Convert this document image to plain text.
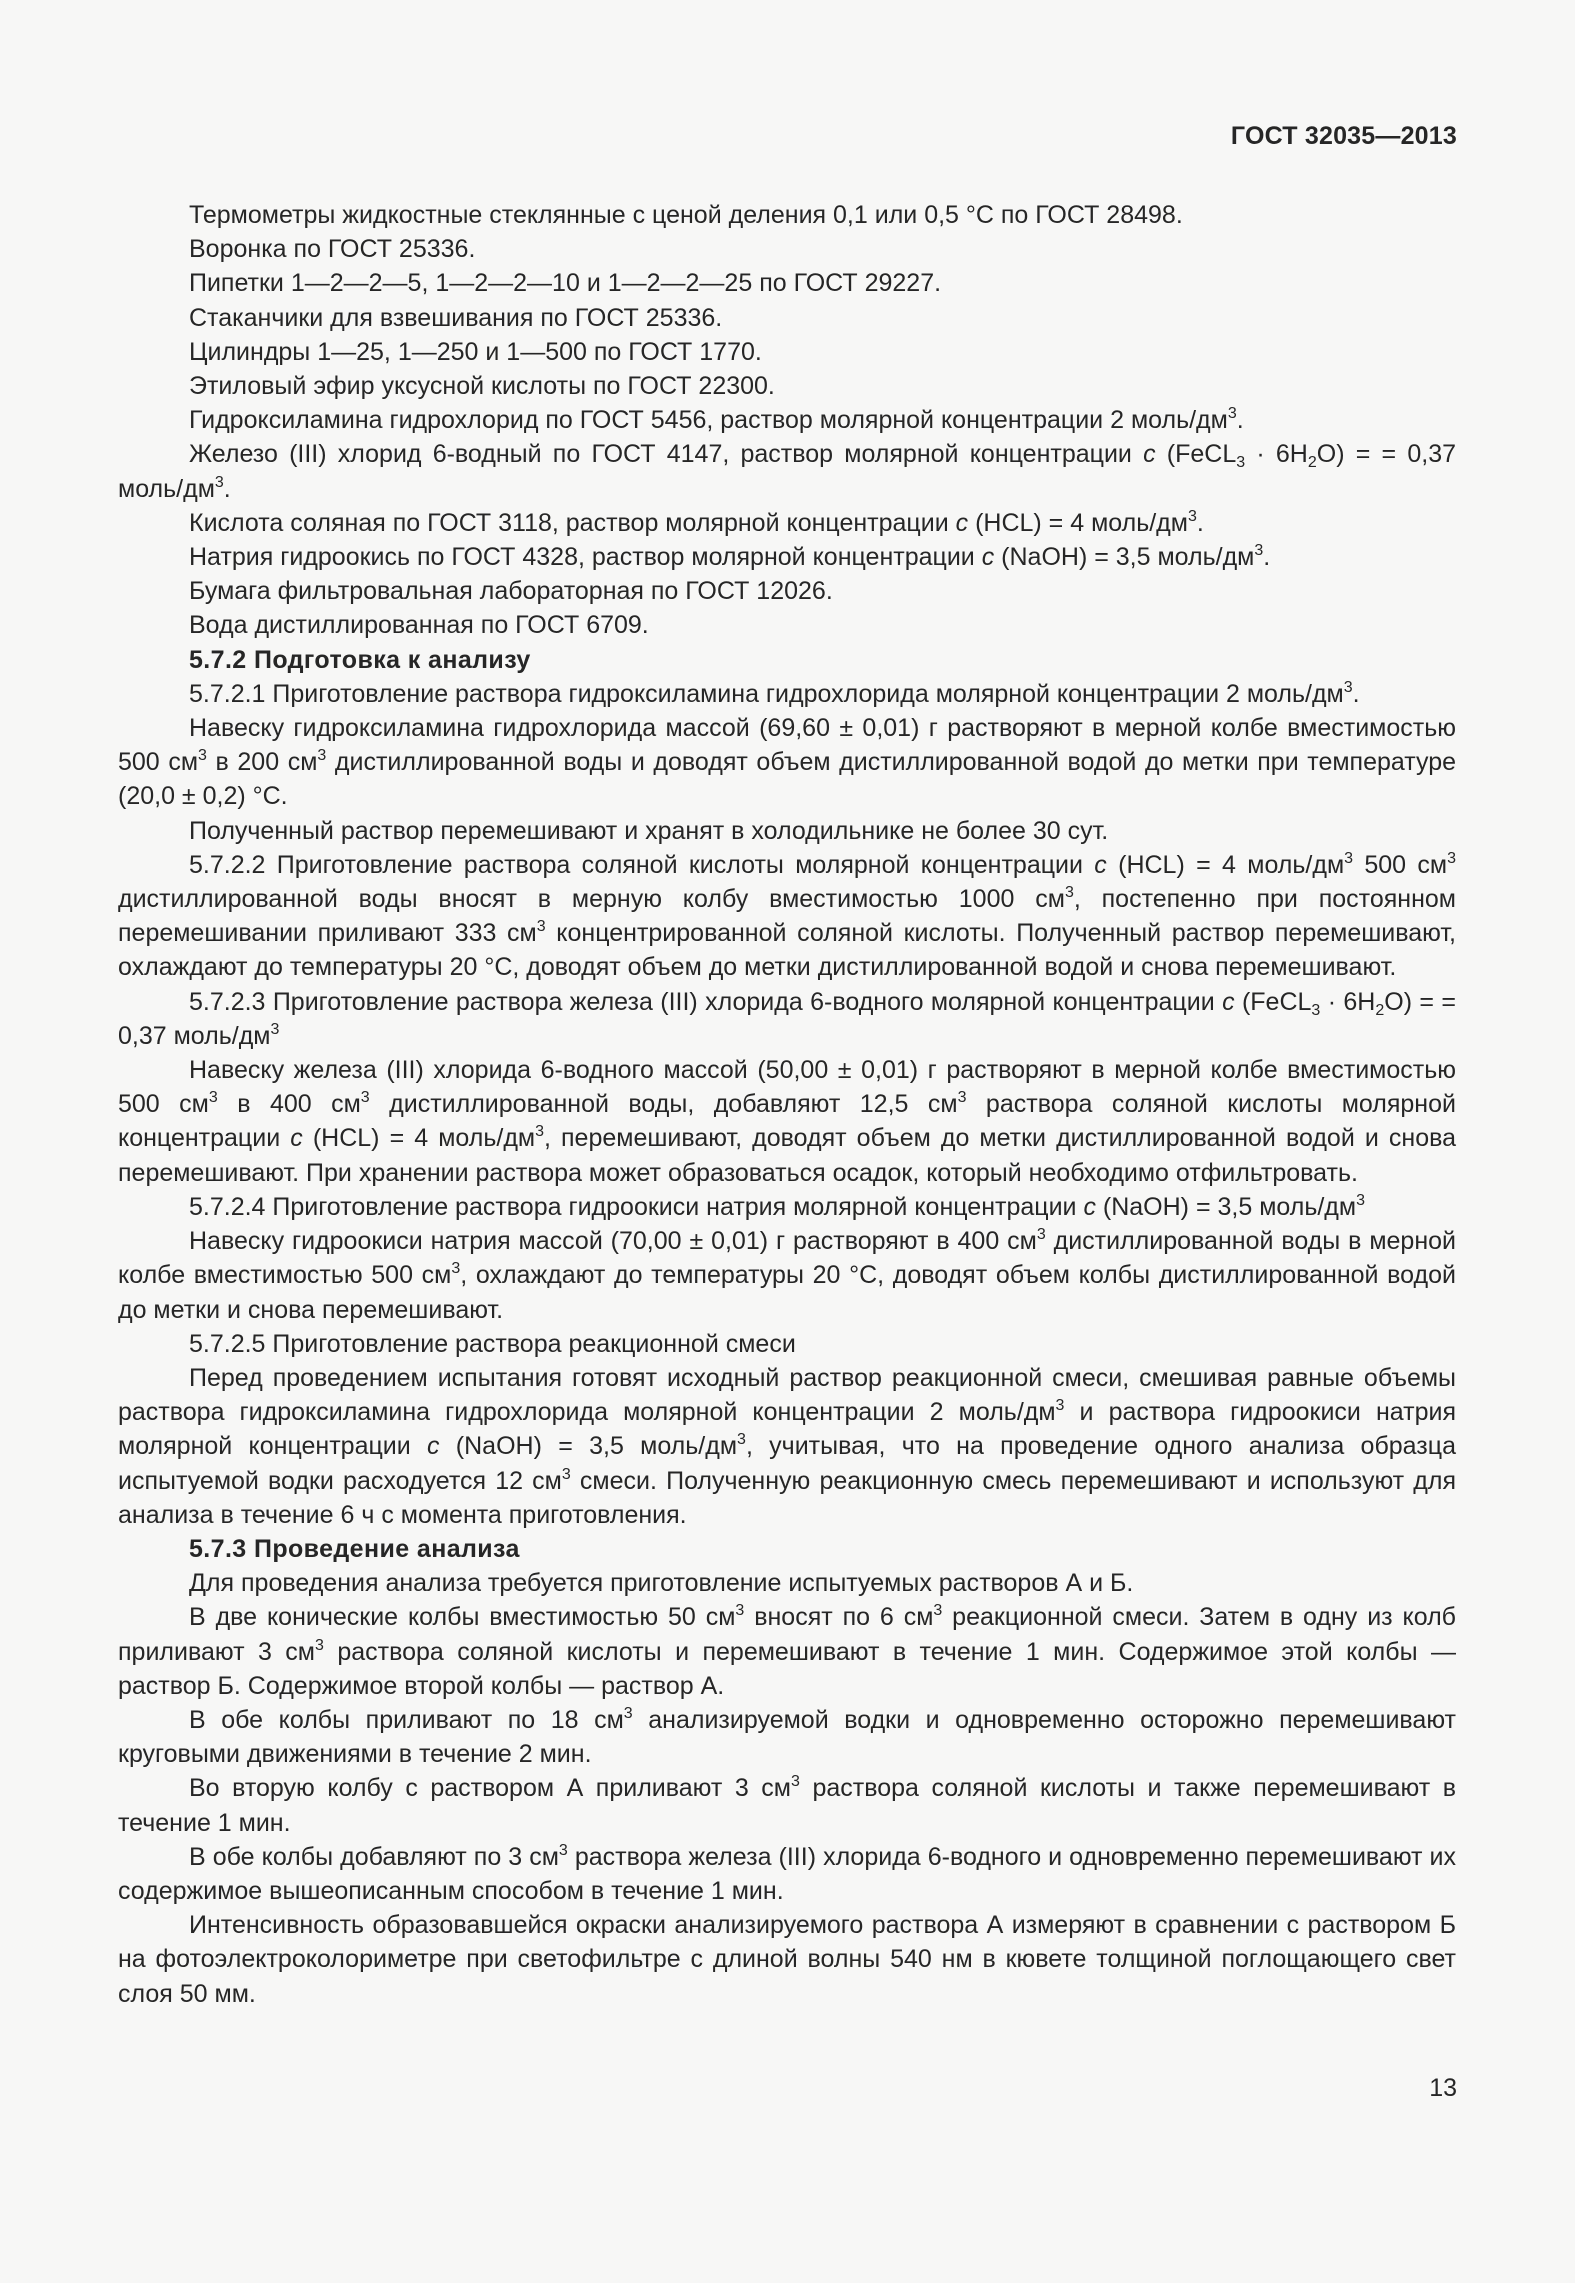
ГОСТ 32035—2013

Термометры жидкостные стеклянные с ценой деления 0,1 или 0,5 °С по ГОСТ 28498.

Воронка по ГОСТ 25336.

Пипетки 1—2—2—5, 1—2—2—10 и 1—2—2—25 по ГОСТ 29227.

Стаканчики для взвешивания по ГОСТ 25336.

Цилиндры 1—25, 1—250 и 1—500 по ГОСТ 1770.

Этиловый эфир уксусной кислоты по ГОСТ 22300.

Гидроксиламина гидрохлорид по ГОСТ 5456, раствор молярной концентрации 2 моль/$дм^3$.

Железо (III) хлорид 6-водный по ГОСТ 4147, раствор молярной концентрации c (FeCL$_3$ · $6H_2O$) = = 0,37 моль/$дм^3$.

Кислота соляная по ГОСТ 3118, раствор молярной концентрации c (HCL) = 4 моль/$дм^3$.

Натрия гидроокись по ГОСТ 4328, раствор молярной концентрации c (NaOH) = 3,5 моль/$дм^3$.

Бумага фильтровальная лабораторная по ГОСТ 12026.

Вода дистиллированная по ГОСТ 6709.

5.7.2 Подготовка к анализу

5.7.2.1 Приготовление раствора гидроксиламина гидрохлорида молярной концентрации 2 моль/$дм^3$.

Навеску гидроксиламина гидрохлорида массой (69,60 ± 0,01) г растворяют в мерной колбе вместимостью 500 $см^3$ в 200 $см^3$ дистиллированной воды и доводят объем дистиллированной водой до метки при температуре (20,0 ± 0,2) °С.

Полученный раствор перемешивают и хранят в холодильнике не более 30 сут.

5.7.2.2 Приготовление раствора соляной кислоты молярной концентрации c (HCL) = 4 моль/$дм^3$ 500 $см^3$ дистиллированной воды вносят в мерную колбу вместимостью 1000 $см^3$, постепенно при постоянном перемешивании приливают 333 $см^3$ концентрированной соляной кислоты. Полученный раствор перемешивают, охлаждают до температуры 20 °С, доводят объем до метки дистиллированной водой и снова перемешивают.

5.7.2.3 Приготовление раствора железа (III) хлорида 6-водного молярной концентрации c (FeCL$_3$ · $6H_2O$) = = 0,37 моль/$дм^3$

Навеску железа (III) хлорида 6-водного массой (50,00 ± 0,01) г растворяют в мерной колбе вместимостью 500 $см^3$ в 400 $см^3$ дистиллированной воды, добавляют 12,5 $см^3$ раствора соляной кислоты молярной концентрации c (HCL) = 4 моль/$дм^3$, перемешивают, доводят объем до метки дистиллированной водой и снова перемешивают. При хранении раствора может образоваться осадок, который необходимо отфильтровать.

5.7.2.4 Приготовление раствора гидроокиси натрия молярной концентрации c (NaOH) = 3,5 моль/$дм^3$

Навеску гидроокиси натрия массой (70,00 ± 0,01) г растворяют в 400 $см^3$ дистиллированной воды в мерной колбе вместимостью 500 $см^3$, охлаждают до температуры 20 °С, доводят объем колбы дистиллированной водой до метки и снова перемешивают.

5.7.2.5 Приготовление раствора реакционной смеси

Перед проведением испытания готовят исходный раствор реакционной смеси, смешивая равные объемы раствора гидроксиламина гидрохлорида молярной концентрации 2 моль/$дм^3$ и раствора гидроокиси натрия молярной концентрации c (NaOH) = 3,5 моль/$дм^3$, учитывая, что на проведение одного анализа образца испытуемой водки расходуется 12 $см^3$ смеси. Полученную реакционную смесь перемешивают и используют для анализа в течение 6 ч с момента приготовления.

5.7.3 Проведение анализа

Для проведения анализа требуется приготовление испытуемых растворов А и Б.

В две конические колбы вместимостью 50 $см^3$ вносят по 6 $см^3$ реакционной смеси. Затем в одну из колб приливают 3 $см^3$ раствора соляной кислоты и перемешивают в течение 1 мин. Содержимое этой колбы — раствор Б. Содержимое второй колбы — раствор А.

В обе колбы приливают по 18 $см^3$ анализируемой водки и одновременно осторожно перемешивают круговыми движениями в течение 2 мин.

Во вторую колбу с раствором А приливают 3 $см^3$ раствора соляной кислоты и также перемешивают в течение 1 мин.

В обе колбы добавляют по 3 $см^3$ раствора железа (III) хлорида 6-водного и одновременно перемешивают их содержимое вышеописанным способом в течение 1 мин.

Интенсивность образовавшейся окраски анализируемого раствора А измеряют в сравнении с раствором Б на фотоэлектроколориметре при светофильтре с длиной волны 540 нм в кювете толщиной поглощающего свет слоя 50 мм.

13
